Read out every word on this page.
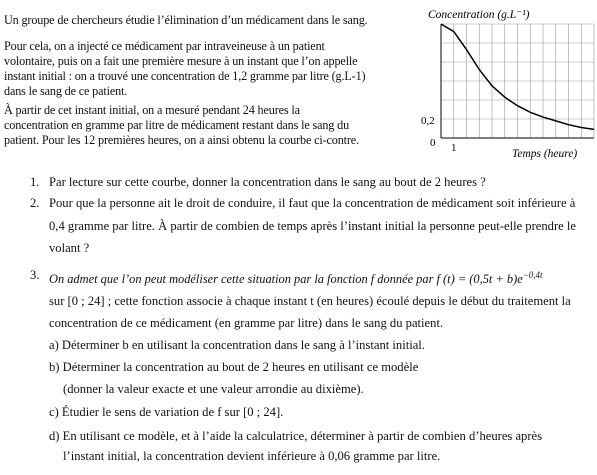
Un groupe de chercheurs étudie l’élimination d’un médicament dans le sang.
Pour cela, on a injecté ce médicament par intraveineuse à un patient
volontaire, puis on a fait une première mesure à un instant que l’on appelle
instant initial : on a trouvé une concentration de 1,2 gramme par litre (g.L-1)
dans le sang de ce patient.
À partir de cet instant initial, on a mesuré pendant 24 heures la
concentration en gramme par litre de médicament restant dans le sang du
patient. Pour les 12 premières heures, on a ainsi obtenu la courbe ci-contre.
Concentration (g.L⁻¹)
Temps (heure)
0,2
0 1
1. Par lecture sur cette courbe, donner la concentration dans le sang au bout de 2 heures ?
2. Pour que la personne ait le droit de conduire, il faut que la concentration de médicament soit inférieure à
0,4 gramme par litre. À partir de combien de temps après l’instant initial la personne peut-elle prendre le
volant ?
3. On admet que l’on peut modéliser cette situation par la fonction f donnée par f $(t) = (0,5t + b)e^{-0,4t}$
sur [0 ; 24] ; cette fonction associe à chaque instant t (en heures) écoulé depuis le début du traitement la
concentration de ce médicament (en gramme par litre) dans le sang du patient.
a) Déterminer b en utilisant la concentration dans le sang à l’instant initial.
b) Déterminer la concentration au bout de 2 heures en utilisant ce modèle
(donner la valeur exacte et une valeur arrondie au dixième).
c) Étudier le sens de variation de f sur [0 ; 24].
d) En utilisant ce modèle, et à l’aide la calculatrice, déterminer à partir de combien d’heures après
l’instant initial, la concentration devient inférieure à 0,06 gramme par litre.
